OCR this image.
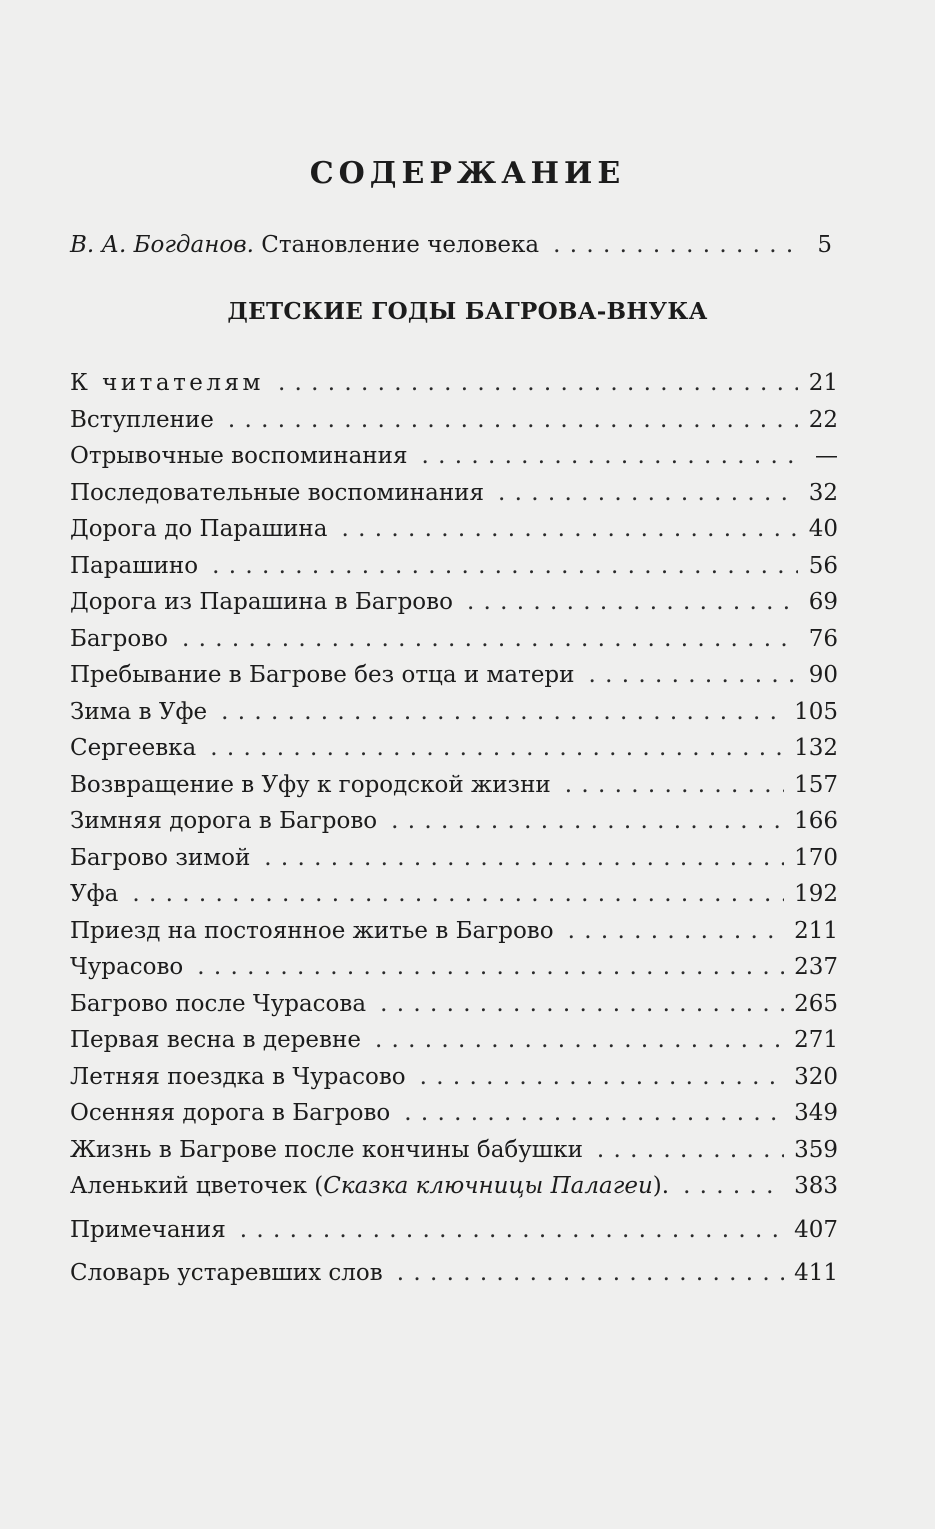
СОДЕРЖАНИЕ
В. А. Богданов.
Становление человека . . .	5
ДЕТСКИЕ ГОДЫ БАГРОВА-ВНУКА
К читателям . . .	21
Вступление . . .	22
Отрывочные воспоминания . . .	—
Последовательные воспоминания . . .	32
Дорога до Парашина . . .	40
Парашино . . .	56
Дорога из Парашина в Багрово . . .	69
Багрово . . .	76
Пребывание в Багрове без отца и матери . . .	90
Зима в Уфе . . .	105
Сергеевка . . .	132
Возвращение в Уфу к городской жизни . . .	157
Зимняя дорога в Багрово . . .	166
Багрово зимой . . .	170
Уфа . . .	192
Приезд на постоянное житье в Багрово . . .	211
Чурасово . . .	237
Багрово после Чурасова . . .	265
Первая весна в деревне . . .	271
Летняя поездка в Чурасово . . .	320
Осенняя дорога в Багрово . . .	349
Жизнь в Багрове после кончины бабушки . . .	359
Аленький цветочек (Сказка ключницы Палагеи). . . .	383
Примечания . . .	407
Словарь устаревших слов . . .	411
